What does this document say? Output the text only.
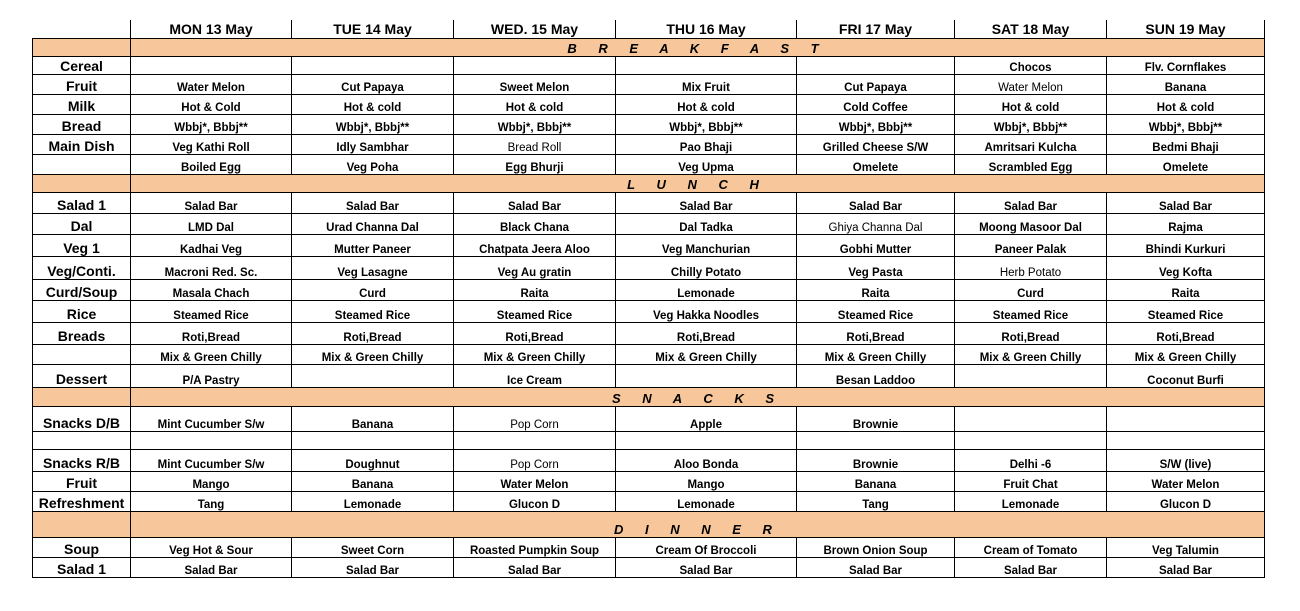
	MON 13 May	TUE 14 May	WED. 15 May	THU 16 May	FRI 17 May	SAT 18 May	SUN 19 May
	B R E A K F A S T						
Cereal						Chocos	Flv. Cornflakes
Fruit	Water Melon	Cut Papaya	Sweet Melon	Mix Fruit	Cut Papaya	Water Melon	Banana
Milk	Hot & Cold	Hot & cold	Hot & cold	Hot & cold	Cold Coffee	Hot & cold	Hot & cold
Bread	Wbbj*, Bbbj**	Wbbj*, Bbbj**	Wbbj*, Bbbj**	Wbbj*, Bbbj**	Wbbj*, Bbbj**	Wbbj*, Bbbj**	Wbbj*, Bbbj**
Main Dish	Veg Kathi Roll	Idly Sambhar	Bread Roll	Pao Bhaji	Grilled Cheese S/W	Amritsari Kulcha	Bedmi Bhaji
	Boiled Egg	Veg Poha	Egg Bhurji	Veg Upma	Omelete	Scrambled Egg	Omelete
	L U N C H						
Salad 1	Salad Bar	Salad Bar	Salad Bar	Salad Bar	Salad Bar	Salad Bar	Salad Bar
Dal	LMD Dal	Urad Channa Dal	Black Chana	Dal Tadka	Ghiya Channa Dal	Moong Masoor Dal	Rajma
Veg 1	Kadhai Veg	Mutter Paneer	Chatpata Jeera Aloo	Veg Manchurian	Gobhi Mutter	Paneer Palak	Bhindi Kurkuri
Veg/Conti.	Macroni Red. Sc.	Veg Lasagne	Veg Au gratin	Chilly Potato	Veg Pasta	Herb Potato	Veg Kofta
Curd/Soup	Masala Chach	Curd	Raita	Lemonade	Raita	Curd	Raita
Rice	Steamed Rice	Steamed Rice	Steamed Rice	Veg Hakka Noodles	Steamed Rice	Steamed Rice	Steamed Rice
Breads	Roti,Bread	Roti,Bread	Roti,Bread	Roti,Bread	Roti,Bread	Roti,Bread	Roti,Bread
	Mix & Green Chilly	Mix & Green Chilly	Mix & Green Chilly	Mix & Green Chilly	Mix & Green Chilly	Mix & Green Chilly	Mix & Green Chilly
Dessert	P/A Pastry		Ice Cream		Besan Laddoo		Coconut Burfi
	S N A C K S						
Snacks D/B	Mint Cucumber S/w	Banana	Pop Corn	Apple	Brownie		

Snacks R/B	Mint Cucumber S/w	Doughnut	Pop Corn	Aloo Bonda	Brownie	Delhi -6	S/W (live)
Fruit	Mango	Banana	Water Melon	Mango	Banana	Fruit Chat	Water Melon
Refreshment	Tang	Lemonade	Glucon D	Lemonade	Tang	Lemonade	Glucon D
	D I N N E R						
Soup	Veg Hot & Sour	Sweet Corn	Roasted Pumpkin Soup	Cream Of Broccoli	Brown Onion Soup	Cream of Tomato	Veg Talumin
Salad 1	Salad Bar	Salad Bar	Salad Bar	Salad Bar	Salad Bar	Salad Bar	Salad Bar
